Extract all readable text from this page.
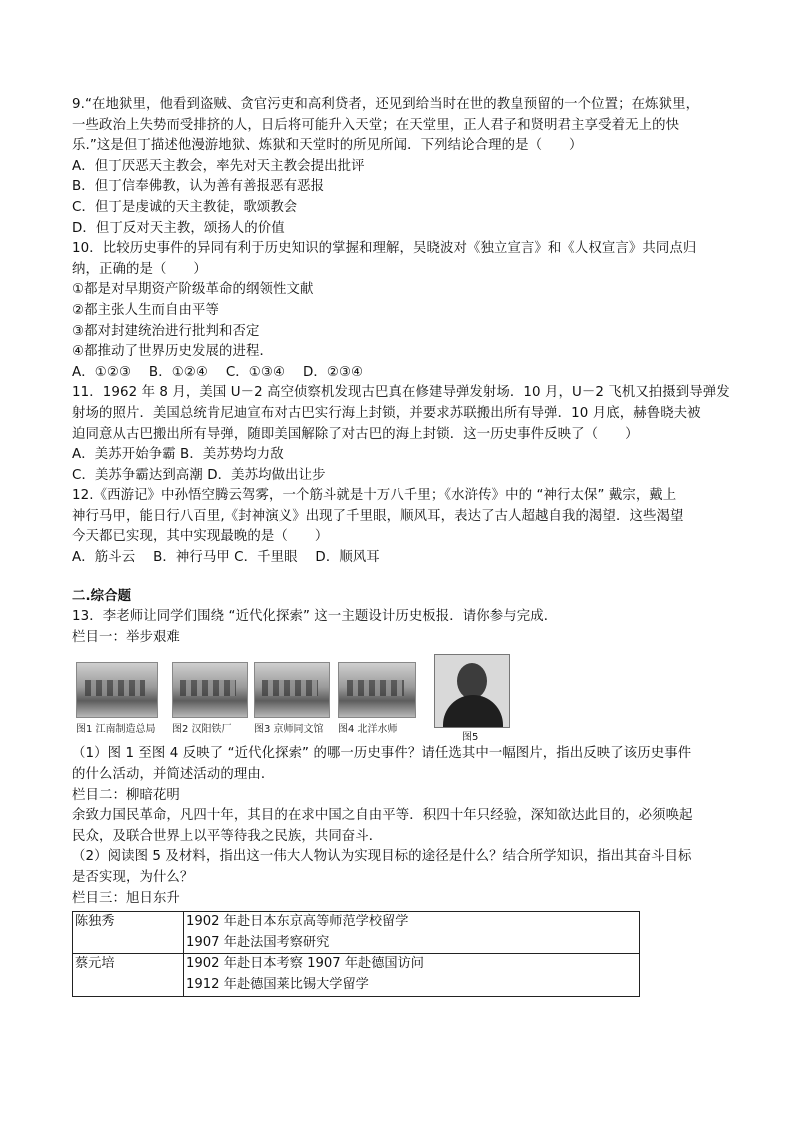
9.“在地狱里，他看到盗贼、贪官污吏和高利贷者，还见到给当时在世的教皇预留的一个位置；在炼狱里，
一些政治上失势而受排挤的人，日后将可能升入天堂；在天堂里，正人君子和贤明君主享受着无上的快
乐.”这是但丁描述他漫游地狱、炼狱和天堂时的所见所闻．下列结论合理的是（　　）
A．但丁厌恶天主教会，率先对天主教会提出批评
B．但丁信奉佛教，认为善有善报恶有恶报
C．但丁是虔诚的天主教徒，歌颂教会
D．但丁反对天主教，颂扬人的价值
10．比较历史事件的异同有利于历史知识的掌握和理解，吴晓波对《独立宣言》和《人权宣言》共同点归
纳，正确的是（　　）
①都是对早期资产阶级革命的纲领性文献
②都主张人生而自由平等
③都对封建统治进行批判和否定
④都推动了世界历史发展的进程．
A．①②③　 B．①②④　 C．①③④　 D．②③④
11．1962 年 8 月，美国 U－2 高空侦察机发现古巴真在修建导弹发射场．10 月，U－2 飞机又拍摄到导弹发
射场的照片．美国总统肯尼迪宣布对古巴实行海上封锁，并要求苏联搬出所有导弹．10 月底，赫鲁晓夫被
迫同意从古巴搬出所有导弹，随即美国解除了对古巴的海上封锁．这一历史事件反映了（　　）
A．美苏开始争霸 B．美苏势均力敌
C．美苏争霸达到高潮 D．美苏均做出让步
12.《西游记》中孙悟空腾云驾雾，一个筋斗就是十万八千里；《水浒传》中的 “神行太保” 戴宗，戴上
神行马甲，能日行八百里,《封神演义》出现了千里眼，顺风耳，表达了古人超越自我的渴望．这些渴望
今天都已实现，其中实现最晚的是（　　）
A．筋斗云　 B．神行马甲 C．千里眼　 D．顺风耳
二.综合题
13．李老师让同学们围绕 “近代化探索” 这一主题设计历史板报．请你参与完成．
栏目一：举步艰难
图1 江南制造总局 图2 汉阳铁厂 图3 京师同文馆 图4 北洋水师
图5
（1）图 1 至图 4 反映了 “近代化探索” 的哪一历史事件？请任选其中一幅图片，指出反映了该历史事件
的什么活动，并简述活动的理由．
栏目二：柳暗花明
余致力国民革命，凡四十年，其目的在求中国之自由平等．积四十年只经验，深知欲达此目的，必须唤起
民众，及联合世界上以平等待我之民族，共同奋斗．
（2）阅读图 5 及材料，指出这一伟大人物认为实现目标的途径是什么？结合所学知识，指出其奋斗目标
是否实现，为什么？
栏目三：旭日东升
陈独秀	1902 年赴日本东京高等师范学校留学
1907 年赴法国考察研究

蔡元培	1902 年赴日本考察 1907 年赴德国访问
1912 年赴德国莱比锡大学留学
